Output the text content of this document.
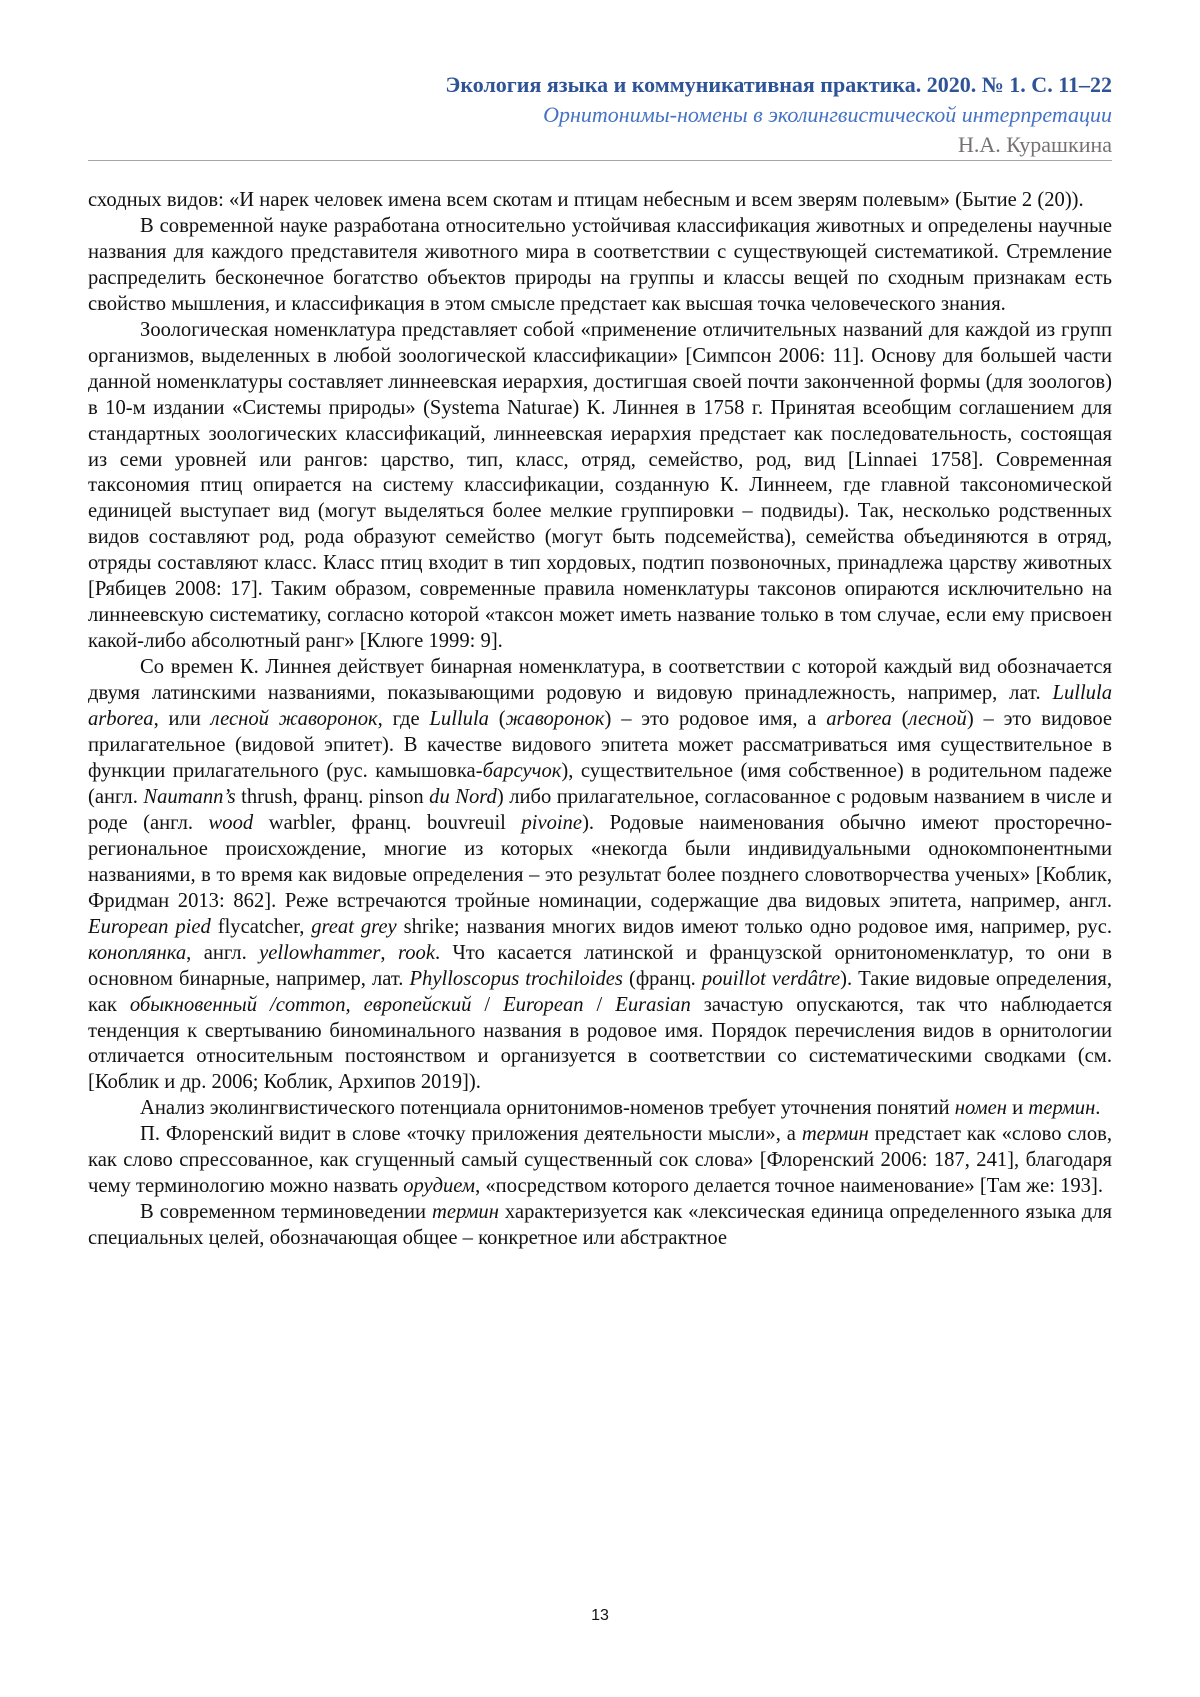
Экология языка и коммуникативная практика. 2020. № 1. С. 11–22
Орнитонимы-номены в эколингвистической интерпретации
Н.А. Курашкина

сходных видов: «И нарек человек имена всем скотам и птицам небесным и всем зверям полевым» (Бытие 2 (20)).

В современной науке разработана относительно устойчивая классификация животных и определены научные названия для каждого представителя животного мира в соответствии с существующей систематикой. Стремление распределить бесконечное богатство объектов природы на группы и классы вещей по сходным признакам есть свойство мышления, и классификация в этом смысле предстает как высшая точка человеческого знания.

Зоологическая номенклатура представляет собой «применение отличительных названий для каждой из групп организмов, выделенных в любой зоологической классификации» [Симпсон 2006: 11]. Основу для большей части данной номенклатуры составляет линнеевская иерархия, достигшая своей почти законченной формы (для зоологов) в 10-м издании «Системы природы» (Systema Naturae) К. Линнея в 1758 г. Принятая всеобщим соглашением для стандартных зоологических классификаций, линнеевская иерархия предстает как последовательность, состоящая из семи уровней или рангов: царство, тип, класс, отряд, семейство, род, вид [Linnaei 1758]. Современная таксономия птиц опирается на систему классификации, созданную К. Линнеем, где главной таксономической единицей выступает вид (могут выделяться более мелкие группировки – подвиды). Так, несколько родственных видов составляют род, рода образуют семейство (могут быть подсемейства), семейства объединяются в отряд, отряды составляют класс. Класс птиц входит в тип хордовых, подтип позвоночных, принадлежа царству животных [Рябицев 2008: 17]. Таким образом, современные правила номенклатуры таксонов опираются исключительно на линнеевскую систематику, согласно которой «таксон может иметь название только в том случае, если ему присвоен какой-либо абсолютный ранг» [Клюге 1999: 9].

Со времен К. Линнея действует бинарная номенклатура, в соответствии с которой каждый вид обозначается двумя латинскими названиями, показывающими родовую и видовую принадлежность, например, лат. Lullula arborea, или лесной жаворонок, где Lullula (жаворонок) – это родовое имя, а arborea (лесной) – это видовое прилагательное (видовой эпитет). В качестве видового эпитета может рассматриваться имя существительное в функции прилагательного (рус. камышовка-барсучок), существительное (имя собственное) в родительном падеже (англ. Naumann’s thrush, франц. pinson du Nord) либо прилагательное, согласованное с родовым названием в числе и роде (англ. wood warbler, франц. bouvreuil pivoine). Родовые наименования обычно имеют просторечно-региональное происхождение, многие из которых «некогда были индивидуальными однокомпонентными названиями, в то время как видовые определения – это результат более позднего словотворчества ученых» [Коблик, Фридман 2013: 862]. Реже встречаются тройные номинации, содержащие два видовых эпитета, например, англ. European pied flycatcher, great grey shrike; названия многих видов имеют только одно родовое имя, например, рус. коноплянка, англ. yellowhammer, rook. Что касается латинской и французской орнитономенклатур, то они в основном бинарные, например, лат. Phylloscopus trochiloides (франц. pouillot verdâtre). Такие видовые определения, как обыкновенный /common, европейский / European / Eurasian зачастую опускаются, так что наблюдается тенденция к свертыванию биноминального названия в родовое имя. Порядок перечисления видов в орнитологии отличается относительным постоянством и организуется в соответствии со систематическими сводками (см. [Коблик и др. 2006; Коблик, Архипов 2019]).

Анализ эколингвистического потенциала орнитонимов-номенов требует уточнения понятий номен и термин.

П. Флоренский видит в слове «точку приложения деятельности мысли», а термин предстает как «слово слов, как слово спрессованное, как сгущенный самый существенный сок слова» [Флоренский 2006: 187, 241], благодаря чему терминологию можно назвать орудием, «посредством которого делается точное наименование» [Там же: 193].

В современном терминоведении термин характеризуется как «лексическая единица определенного языка для специальных целей, обозначающая общее – конкретное или абстрактное

13
